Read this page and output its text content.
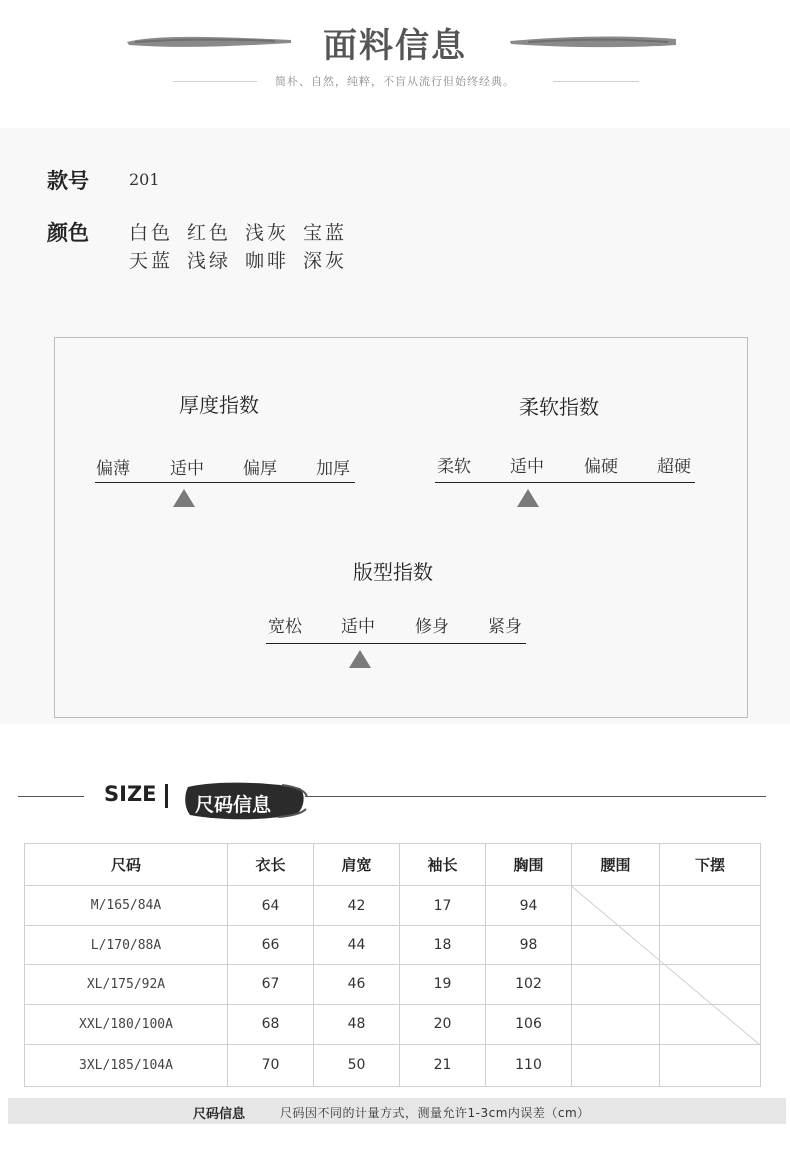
面料信息
简朴、自然，纯粹，不盲从流行但始终经典。
款号	201
颜色 白色 红色 浅灰 宝蓝
天蓝 浅绿 咖啡 深灰
厚度指数
偏薄 适中 偏厚 加厚
柔软指数
柔软 适中 偏硬 超硬
版型指数
宽松 适中 修身 紧身
SIZE 尺码信息
尺码	衣长	肩宽	袖长	胸围	腰围	下摆
M/165/84A	64	42	17	94		
L/170/88A	66	44	18	98		
XL/175/92A	67	46	19	102		
XXL/180/100A	68	48	20	106		
3XL/185/104A	70	50	21	110		
尺码信息	尺码因不同的计量方式，测量允许1-3cm内误差（cm）
